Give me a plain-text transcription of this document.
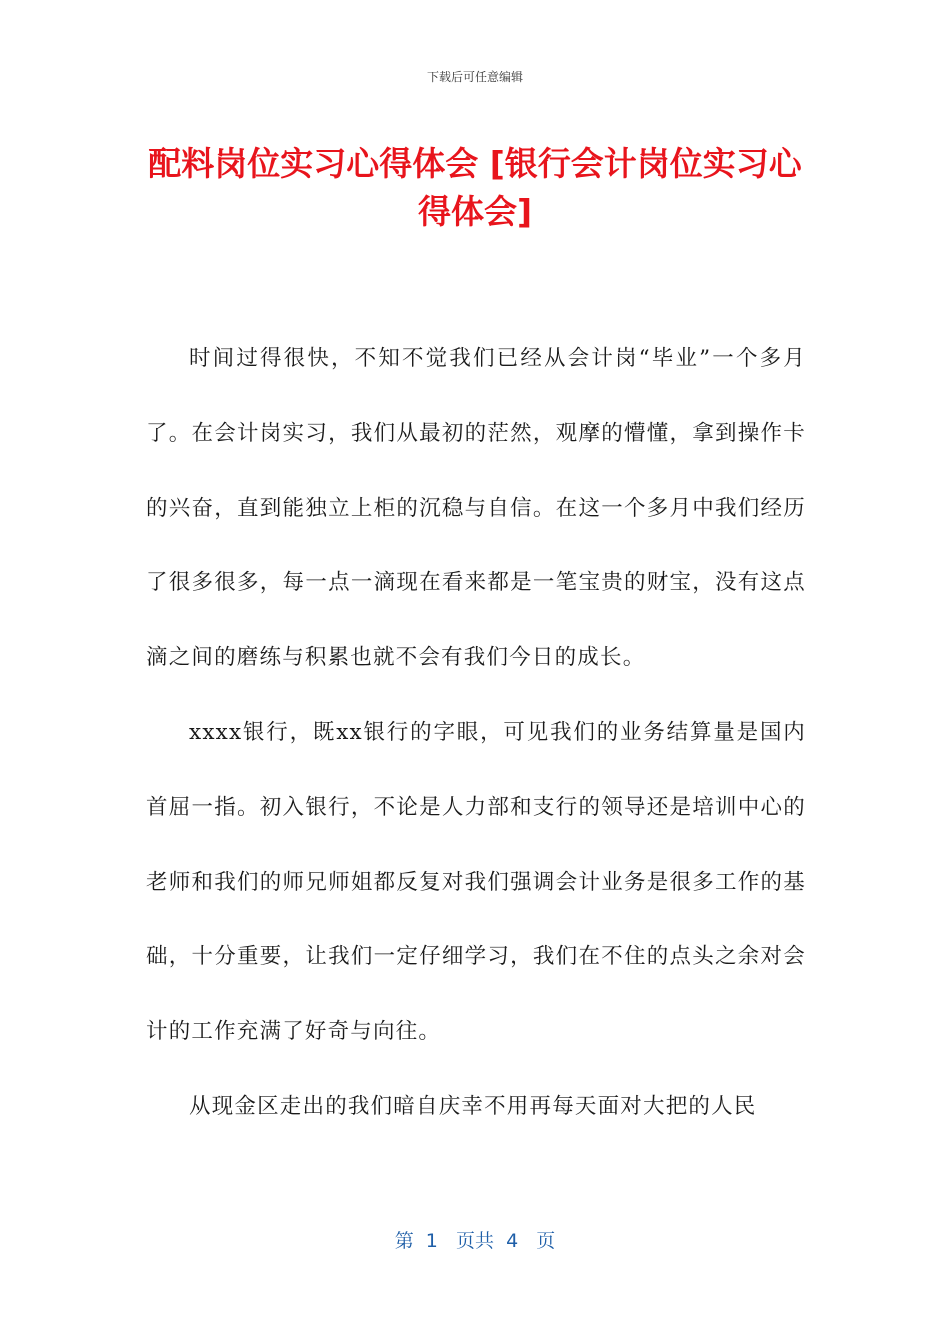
下载后可任意编辑
配料岗位实习心得体会 [银行会计岗位实习心得体会]

时间过得很快，不知不觉我们已经从会计岗“毕业”一个多月了。在会计岗实习，我们从最初的茫然，观摩的懵懂，拿到操作卡的兴奋，直到能独立上柜的沉稳与自信。在这一个多月中我们经历了很多很多，每一点一滴现在看来都是一笔宝贵的财宝，没有这点滴之间的磨练与积累也就不会有我们今日的成长。

xxxx银行，既xx银行的字眼，可见我们的业务结算量是国内首屈一指。初入银行，不论是人力部和支行的领导还是培训中心的老师和我们的师兄师姐都反复对我们强调会计业务是很多工作的基础，十分重要，让我们一定仔细学习，我们在不住的点头之余对会计的工作充满了好奇与向往。

从现金区走出的我们暗自庆幸不用再每天面对大把的人民

第  1   页共  4   页
